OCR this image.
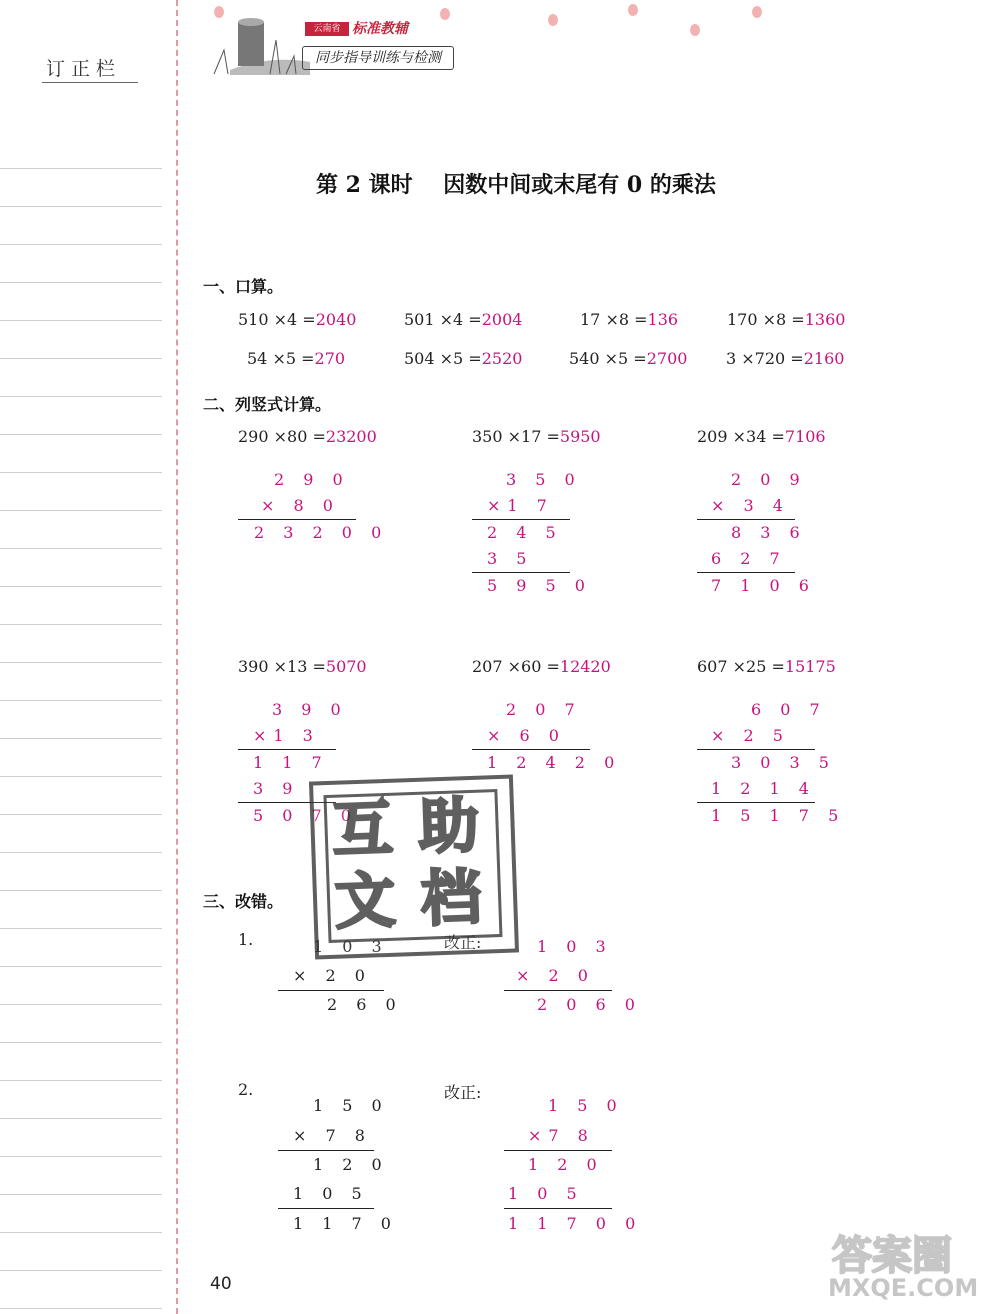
订正栏
云南省 标准教辅
同步指导训练与检测
第 2 课时    因数中间或末尾有 0 的乘法
一、口算。
510 ×4 =2040	501 ×4 =2004	17 ×8 =136	170 ×8 =1360
54 ×5 =270	504 ×5 =2520	540 ×5 =2700 3 ×720 =2160
二、列竖式计算。
290 ×80 =23200
2 9 0
× 8 0
2 3 2 0 0
350 ×17 =5950
3 5 0
×1 7
2 4 5
3 5
5 9 5 0
209 ×34 =7106
2 0 9
× 3 4
8 3 6
6 2 7
7 1 0 6
390 ×13 =5070
3 9 0
×1 3
1 1 7
3 9
5 0 7 0
207 ×60 =12420
2 0 7
× 6 0
1 2 4 2 0
607 ×25 =15175
6 0 7
× 2 5
3 0 3 5
1 2 1 4
1 5 1 7 5
三、改错。
1.	1 0 3
× 2 0
2 6 0
改正:	1 0 3
× 2 0
2 0 6 0
2.
1 5 0
× 7 8
1 2 0
1 0 5
1 1 7 0
改正:
1 5 0
×7 8
1 2 0
1 0 5
1 1 7 0 0
互 助
文 档
40
答案圈
MXQE.COM
